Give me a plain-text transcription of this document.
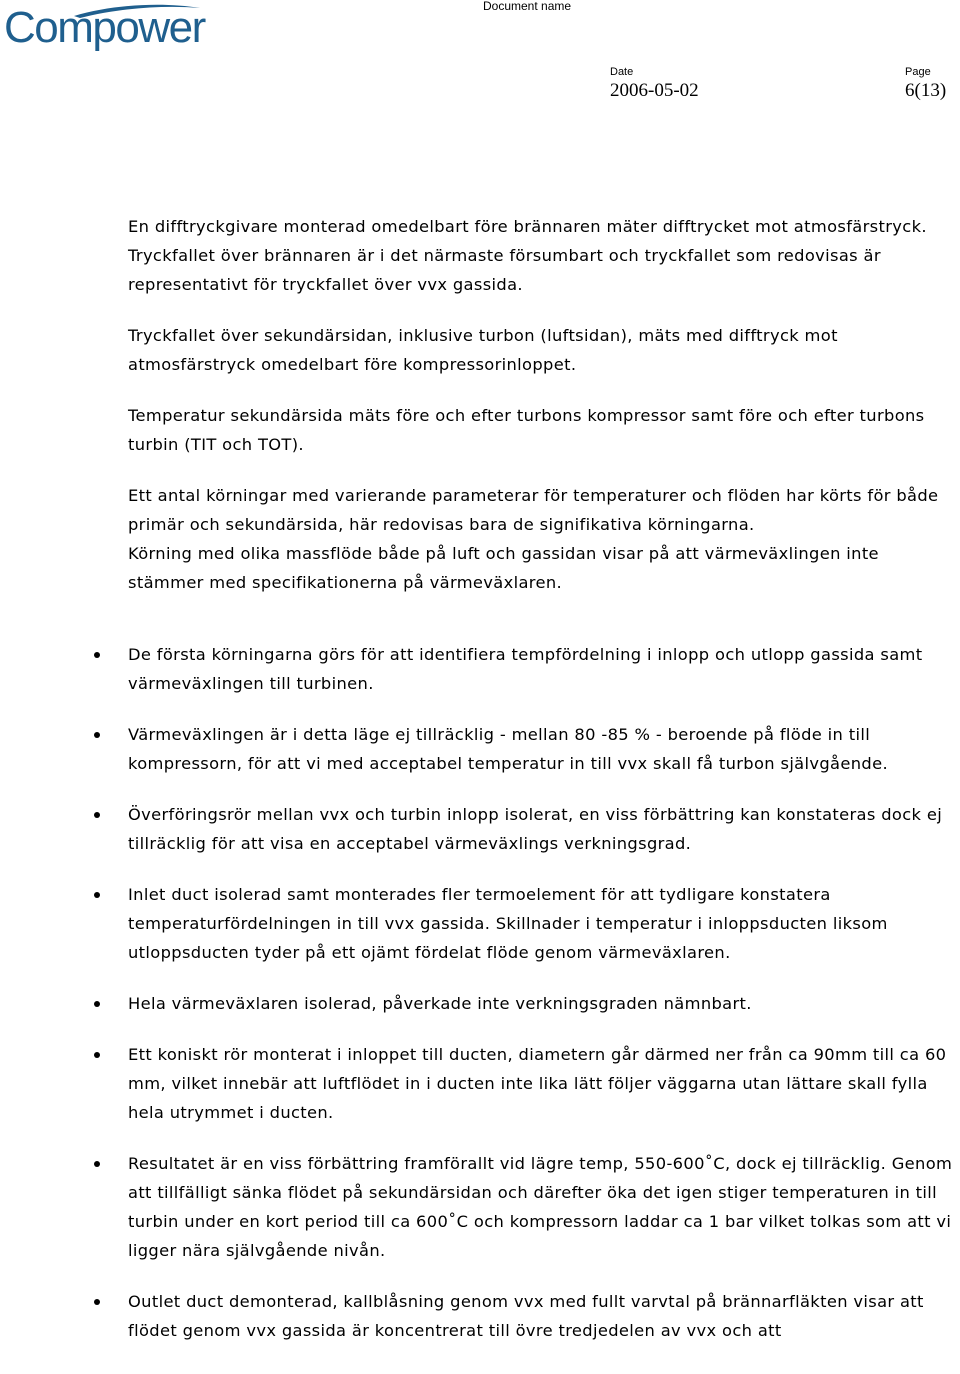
Compower	Document name
Date
2006-05-02
Page
6(13)

En difftryckgivare monterad omedelbart före brännaren mäter difftrycket mot atmosfärstryck. Tryckfallet över brännaren är i det närmaste försumbart och tryckfallet som redovisas är representativt för tryckfallet över vvx gassida.

Tryckfallet över sekundärsidan, inklusive turbon (luftsidan), mäts med difftryck mot atmosfärstryck omedelbart före kompressorinloppet.

Temperatur sekundärsida mäts före och efter turbons kompressor samt före och efter turbons turbin (TIT och TOT).

Ett antal körningar med varierande parameterar för temperaturer och flöden har körts för både primär och sekundärsida, här redovisas bara de signifikativa körningarna.

Körning med olika massflöde både på luft och gassidan visar på att värmeväxlingen inte stämmer med specifikationerna på värmeväxlaren.

De första körningarna görs för att identifiera tempfördelning i inlopp och utlopp gassida samt värmeväxlingen till turbinen.
Värmeväxlingen är i detta läge ej tillräcklig - mellan 80 -85 % - beroende på flöde in till kompressorn, för att vi med acceptabel temperatur in till vvx skall få turbon självgående.
Överföringsrör mellan vvx och turbin inlopp isolerat, en viss förbättring kan konstateras dock ej tillräcklig för att visa en acceptabel värmeväxlings verkningsgrad.
Inlet duct isolerad samt monterades fler termoelement för att tydligare konstatera temperaturfördelningen in till vvx gassida. Skillnader i temperatur i inloppsducten liksom utloppsducten tyder på ett ojämt fördelat flöde genom värmeväxlaren.
Hela värmeväxlaren isolerad, påverkade inte verkningsgraden nämnbart.
Ett koniskt rör monterat i inloppet till ducten, diametern går därmed ner från ca 90mm till ca 60 mm, vilket innebär att luftflödet in i ducten inte lika lätt följer väggarna utan lättare skall fylla hela utrymmet i ducten.
Resultatet är en viss förbättring framförallt vid lägre temp, 550-600˚C, dock ej tillräcklig. Genom att tillfälligt sänka flödet på sekundärsidan och därefter öka det igen stiger temperaturen in till turbin under en kort period till ca 600˚C och kompressorn laddar ca 1 bar vilket tolkas som att vi ligger nära självgående nivån.
Outlet duct demonterad, kallblåsning genom vvx med fullt varvtal på brännarfläkten visar att flödet genom vvx gassida är koncentrerat till övre tredjedelen av vvx och att
